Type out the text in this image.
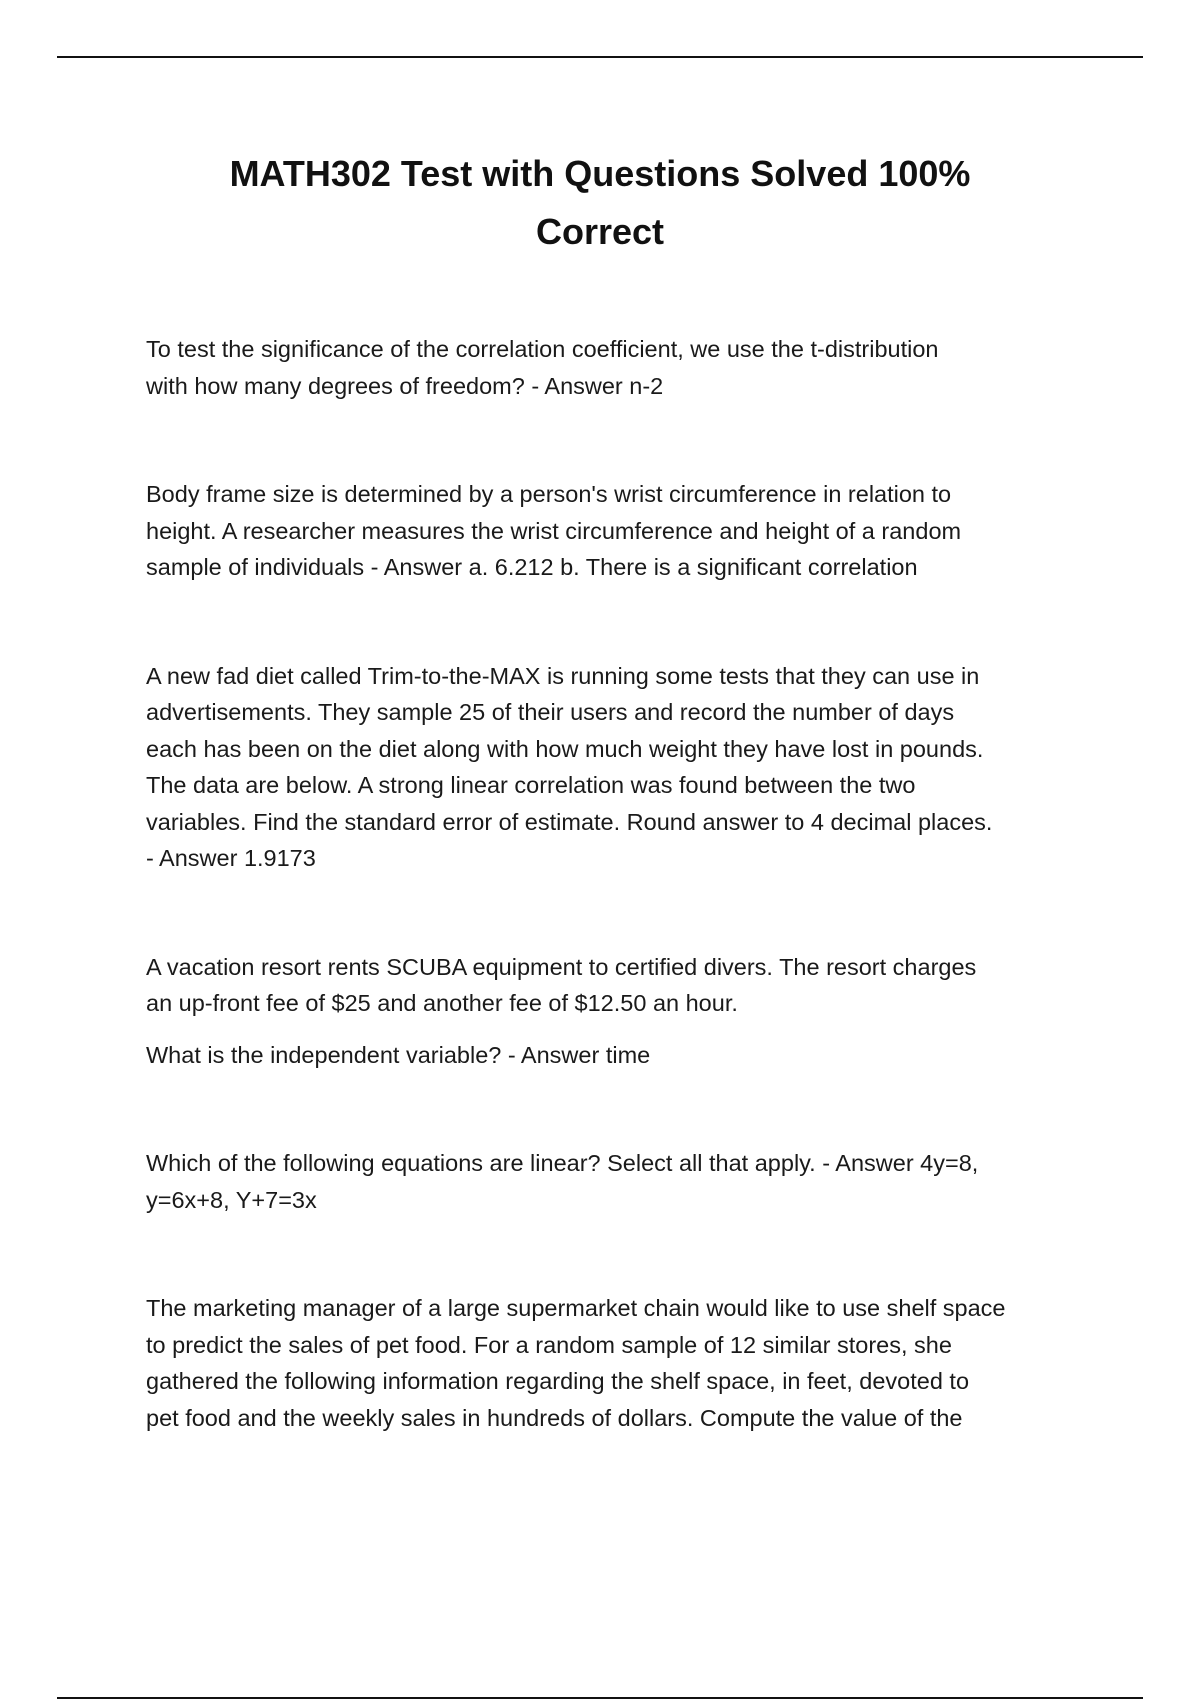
MATH302 Test with Questions Solved 100%
Correct

To test the significance of the correlation coefficient, we use the t-distribution
with how many degrees of freedom? - Answer n-2

Body frame size is determined by a person's wrist circumference in relation to
height. A researcher measures the wrist circumference and height of a random
sample of individuals - Answer a. 6.212 b. There is a significant correlation

A new fad diet called Trim-to-the-MAX is running some tests that they can use in
advertisements. They sample 25 of their users and record the number of days
each has been on the diet along with how much weight they have lost in pounds.
The data are below. A strong linear correlation was found between the two
variables. Find the standard error of estimate. Round answer to 4 decimal places.
- Answer 1.9173

A vacation resort rents SCUBA equipment to certified divers. The resort charges
an up-front fee of $25 and another fee of $12.50 an hour.

What is the independent variable? - Answer time

Which of the following equations are linear? Select all that apply. - Answer 4y=8,
y=6x+8, Y+7=3x

The marketing manager of a large supermarket chain would like to use shelf space
to predict the sales of pet food. For a random sample of 12 similar stores, she
gathered the following information regarding the shelf space, in feet, devoted to
pet food and the weekly sales in hundreds of dollars. Compute the value of the
